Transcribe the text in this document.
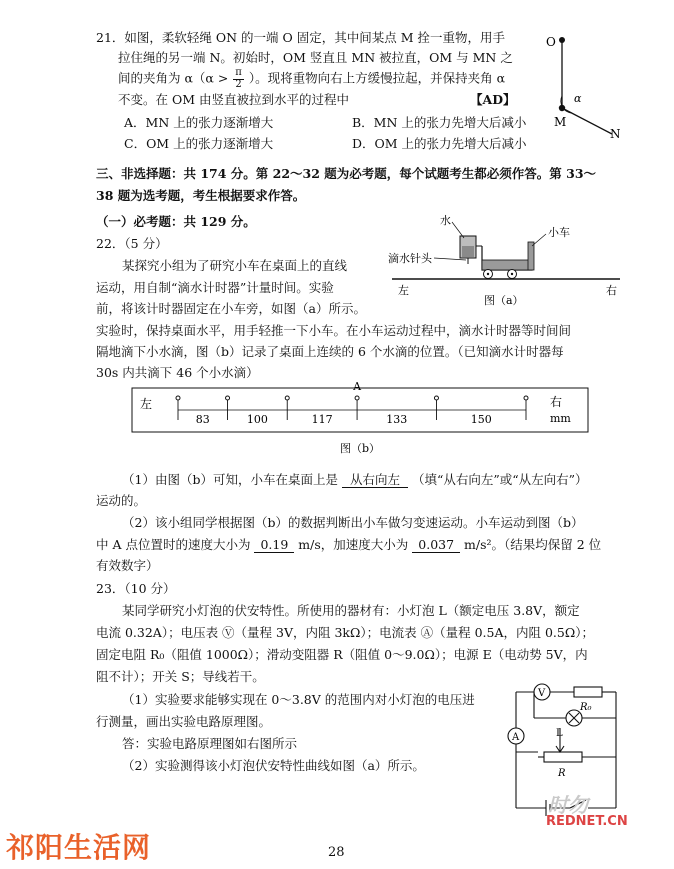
21．如图，柔软轻绳 ON 的一端 O 固定，其中间某点 M 拴一重物，用手
拉住绳的另一端 N。初始时，OM 竖直且 MN 被拉直，OM 与 MN 之
间的夹角为 $\alpha(\alpha > \frac{\pi}{2}$ ）。现将重物向右上方缓慢拉起，并保持夹角 α
不变。在 OM 由竖直被拉到水平的过程中	【AD】
A．MN 上的张力逐渐增大	B．MN 上的张力先增大后减小
C．OM 上的张力逐渐增大	D．OM 上的张力先增大后减小
O
α
M
N
三、非选择题：共 174 分。第 22～32 题为必考题，每个试题考生都必须作答。第 33～
38 题为选考题，考生根据要求作答。
（一）必考题：共 129 分。
22．（5 分）
某探究小组为了研究小车在桌面上的直线
运动，用自制“滴水计时器”计量时间。实验
前，将该计时器固定在小车旁，如图（a）所示。
实验时，保持桌面水平，用手轻推一下小车。在小车运动过程中，滴水计时器等时间间
隔地滴下小水滴，图（b）记录了桌面上连续的 6 个水滴的位置。（已知滴水计时器每
30s 内共滴下 46 个小水滴）
水
小车
滴水针头
左	右
图（a）
左	右
mm
83	100	117	133	150
A
图（b）
（1）由图（b）可知，小车在桌面上是 从右向左 （填“从右向左”或“从左向右”）
运动的。
（2）该小组同学根据图（b）的数据判断出小车做匀变速运动。小车运动到图（b）
中 A 点位置时的速度大小为 0.19 m/s，加速度大小为 0.037 m/s²。（结果均保留 2 位
有效数字）
23．（10 分）
某同学研究小灯泡的伏安特性。所使用的器材有：小灯泡 L（额定电压 3.8V，额定
电流 0.32A）；电压表 Ⓥ（量程 3V，内阻 3kΩ）；电流表 Ⓐ（量程 0.5A，内阻 0.5Ω）；
固定电阻 R₀（阻值 1000Ω）；滑动变阻器 R（阻值 0～9.0Ω）；电源 E（电动势 5V，内
阻不计）；开关 S；导线若干。
（1）实验要求能够实现在 0～3.8V 的范围内对小灯泡的电压进
行测量，画出实验电路原理图。
答：实验电路原理图如右图所示
（2）实验测得该小灯泡伏安特性曲线如图（a）所示。
V
A
R₀
L
R
时勿
REDNET.CN
祁阳生活网	28
